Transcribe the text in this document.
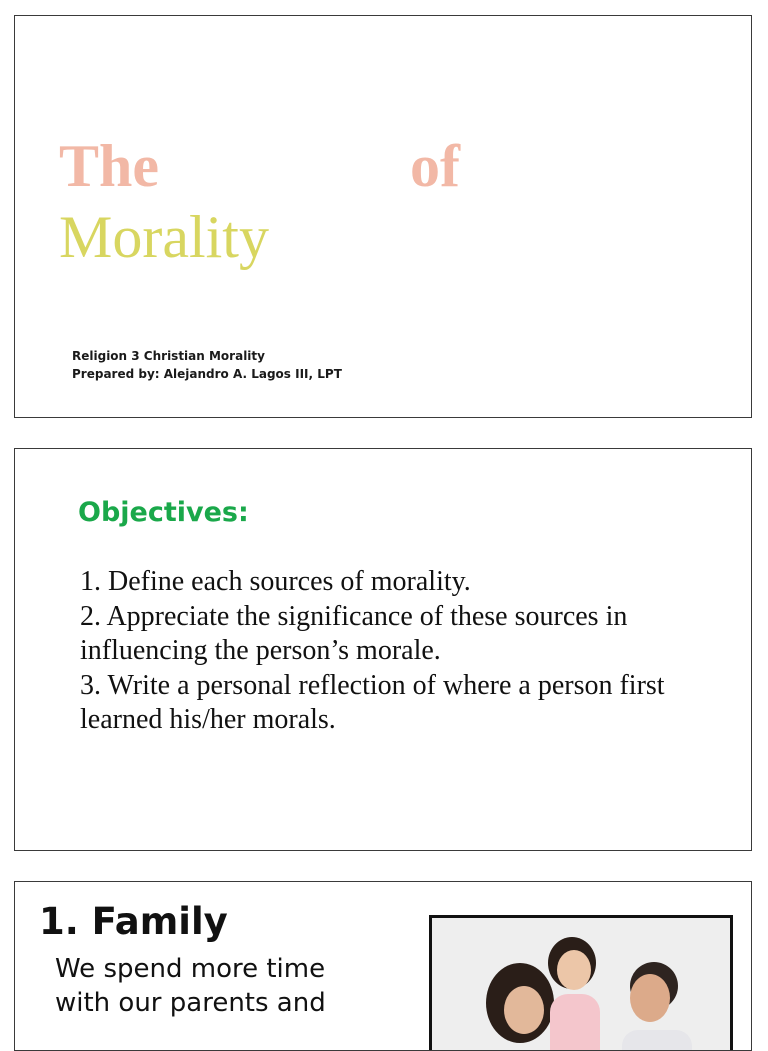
The	of
Morality
Religion 3 Christian Morality
Prepared by: Alejandro A. Lagos III, LPT
Objectives:
1. Define each sources of morality.
2. Appreciate the significance of these sources in influencing the person’s morale.
3. Write a personal reflection of where a person first learned his/her morals.
1. Family
We spend more time with our parents and
